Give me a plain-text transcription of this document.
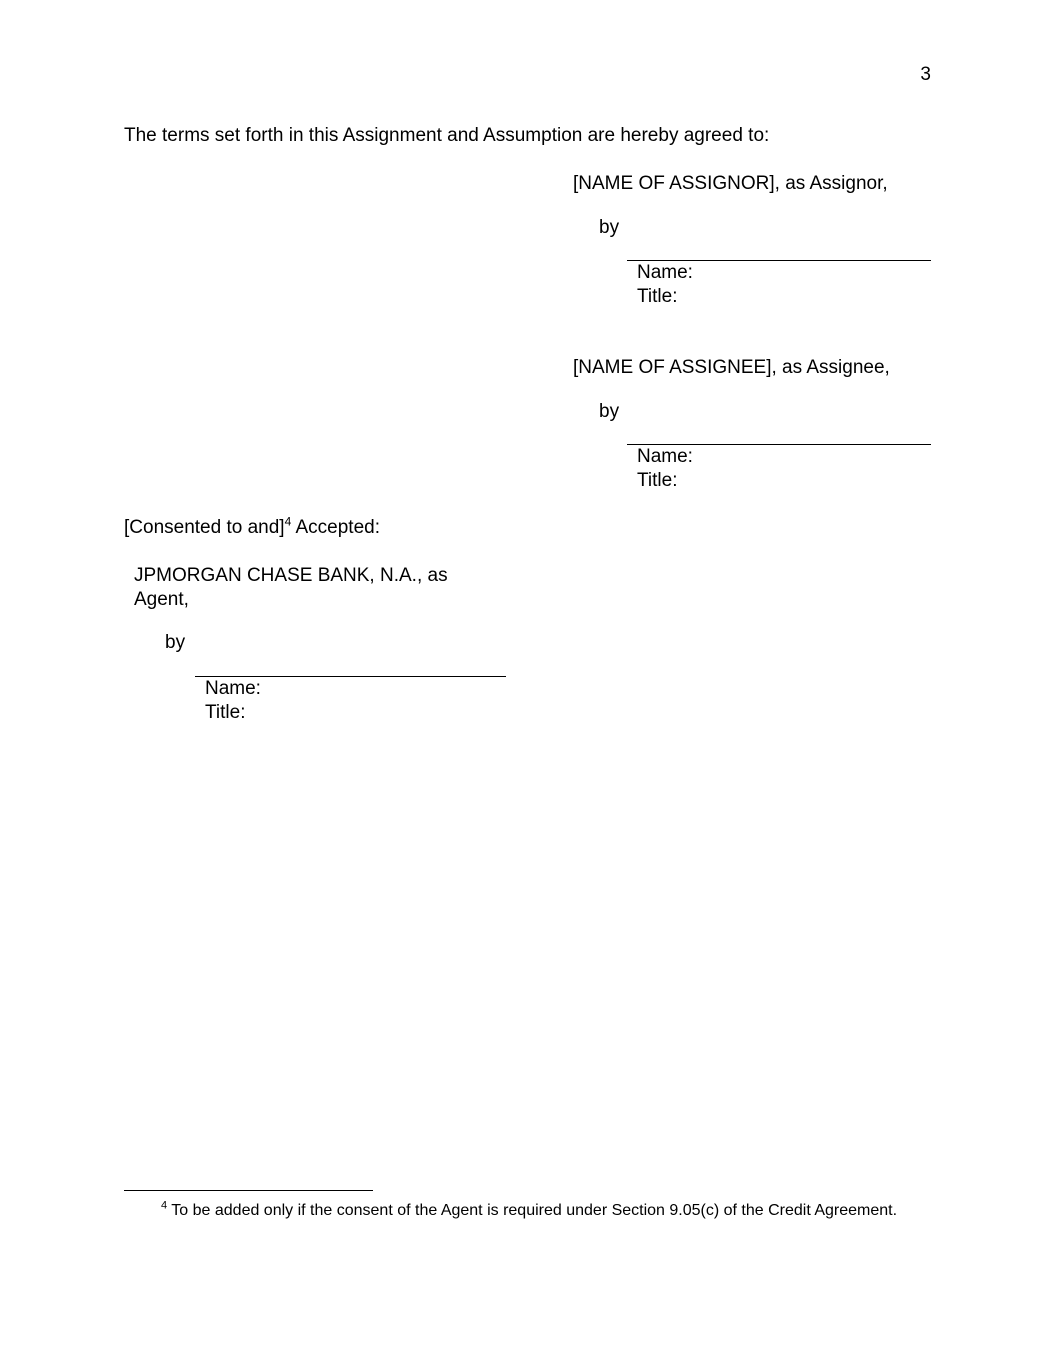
3
The terms set forth in this Assignment and Assumption are hereby agreed to:
[NAME OF ASSIGNOR], as Assignor,
by
Name:
Title:
[NAME OF ASSIGNEE], as Assignee,
by
Name:
Title:
[Consented to and]$^4$ Accepted:
JPMORGAN CHASE BANK, N.A., as
Agent,
by
Name:
Title:
$^4$ To be added only if the consent of the Agent is required under Section 9.05(c) of the Credit Agreement.
